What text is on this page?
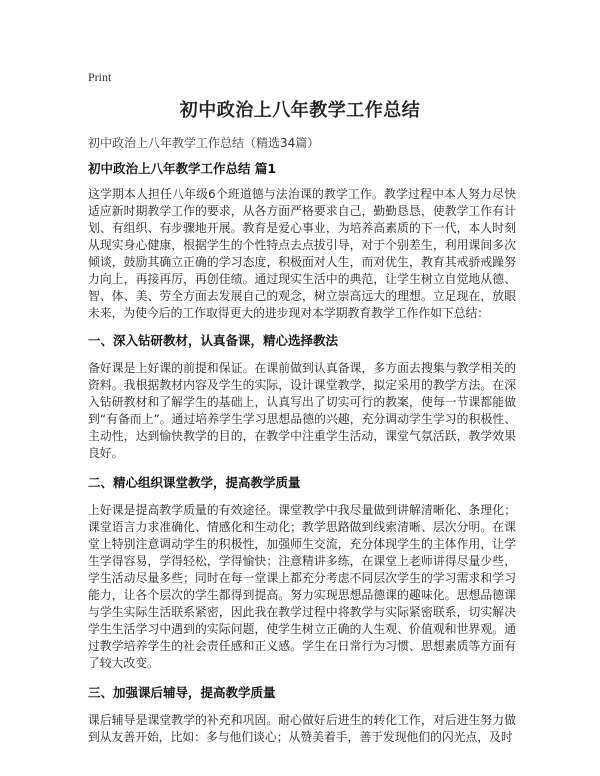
Print
初中政治上八年教学工作总结
初中政治上八年教学工作总结（精选34篇）

初中政治上八年教学工作总结 篇1

这学期本人担任八年级6个班道德与法治课的教学工作。教学过程中本人努力尽快适应新时期教学工作的要求，从各方面严格要求自己，勤勤恳恳，使教学工作有计划、有组织、有步骤地开展。教育是爱心事业，为培养高素质的下一代，本人时刻从现实身心健康，根据学生的个性特点去点拔引导，对于个别差生，利用课间多次倾谈，鼓励其确立正确的学习态度，积极面对人生，而对优生，教育其戒骄戒躁努力向上，再接再厉，再创佳绩。通过现实生活中的典范，让学生树立自觉地从德、智、体、美、劳全方面去发展自己的观念，树立崇高远大的理想。立足现在，放眼未来，为使今后的工作取得更大的进步现对本学期教育教学工作作如下总结：

一、深入钻研教材，认真备课，精心选择教法

备好课是上好课的前提和保证。在课前做到认真备课，多方面去搜集与教学相关的资料。我根据教材内容及学生的实际，设计课堂教学，拟定采用的教学方法。在深入钻研教材和了解学生的基础上，认真写出了切实可行的教案，使每一节课都能做到“有备而上”。通过培养学生学习思想品德的兴趣，充分调动学生学习的积极性、主动性，达到愉快教学的目的，在教学中注重学生活动，课堂气氛活跃，教学效果良好。

二、精心组织课堂教学，提高教学质量

上好课是提高教学质量的有效途径。课堂教学中我尽量做到讲解清晰化、条理化；课堂语言力求准确化、情感化和生动化；教学思路做到线索清晰、层次分明。在课堂上特别注意调动学生的积极性，加强师生交流，充分体现学生的主体作用，让学生学得容易，学得轻松，学得愉快；注意精讲多练，在课堂上老师讲得尽量少些，学生活动尽量多些；同时在每一堂课上都充分考虑不同层次学生的学习需求和学习能力，让各个层次的学生都得到提高。努力实现思想品德课的趣味化。思想品德课与学生实际生活联系紧密，因此我在教学过程中将教学与实际紧密联系，切实解决学生生活学习中遇到的实际问题，使学生树立正确的人生观、价值观和世界观。通过教学培养学生的社会责任感和正义感。学生在日常行为习惯、思想素质等方面有了较大改变。

三、加强课后辅导，提高教学质量

课后辅导是课堂教学的补充和巩固。耐心做好后进生的转化工作，对后进生努力做到从友善开始，比如：多与他们谈心；从赞美着手，善于发现他们的闪光点，及时
